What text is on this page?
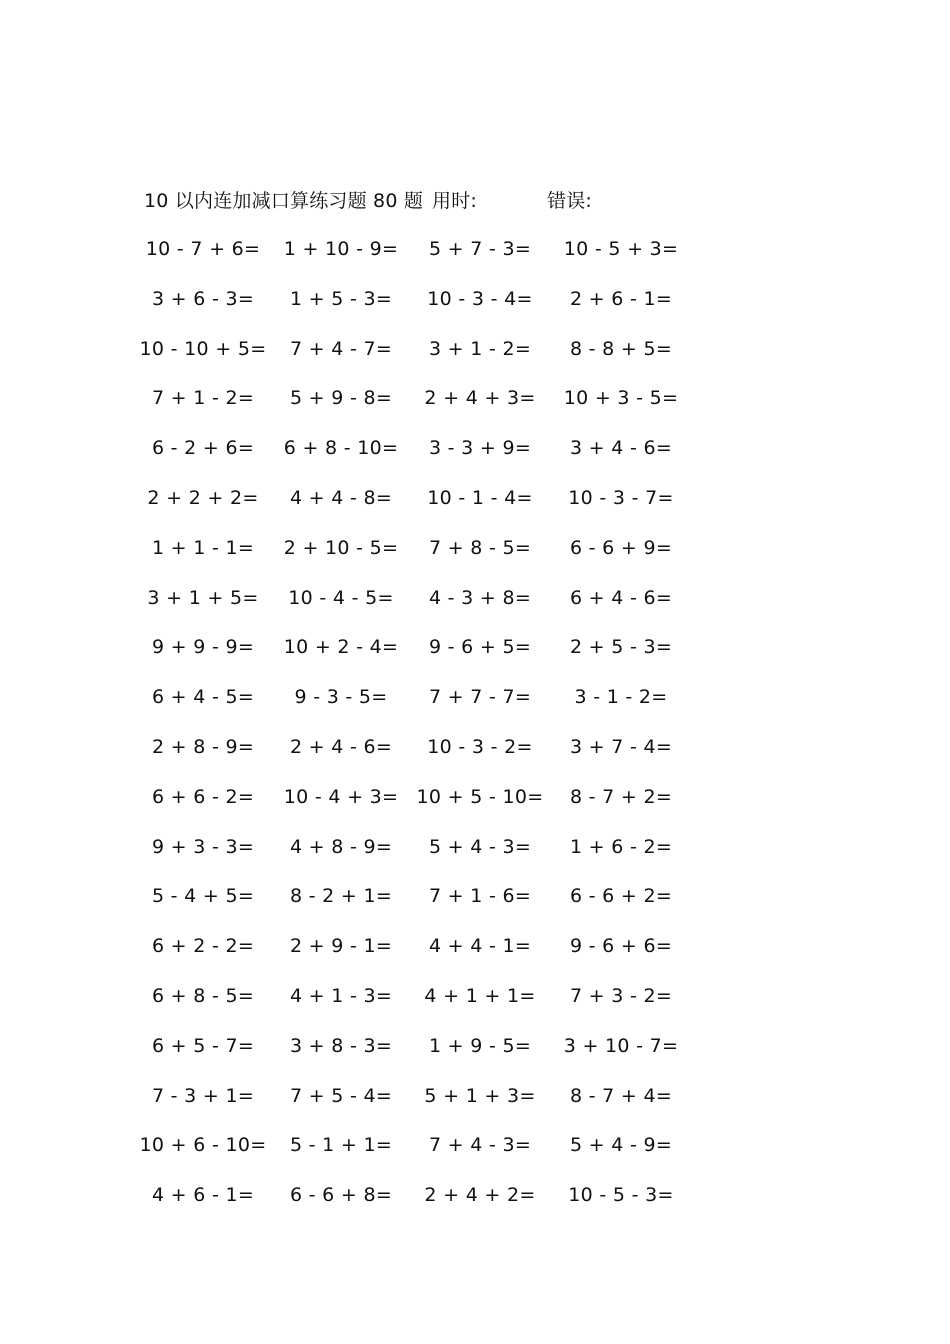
10 以内连加减口算练习题 80 题 用时:	错误:
10 - 7 + 6=	1 + 10 - 9=	5 + 7 - 3=	10 - 5 + 3=
3 + 6 - 3=	1 + 5 - 3=	10 - 3 - 4=	2 + 6 - 1=
10 - 10 + 5=	7 + 4 - 7=	3 + 1 - 2=	8 - 8 + 5=
7 + 1 - 2=	5 + 9 - 8=	2 + 4 + 3=	10 + 3 - 5=
6 - 2 + 6=	6 + 8 - 10=	3 - 3 + 9=	3 + 4 - 6=
2 + 2 + 2=	4 + 4 - 8=	10 - 1 - 4=	10 - 3 - 7=
1 + 1 - 1=	2 + 10 - 5=	7 + 8 - 5=	6 - 6 + 9=
3 + 1 + 5=	10 - 4 - 5=	4 - 3 + 8=	6 + 4 - 6=
9 + 9 - 9=	10 + 2 - 4=	9 - 6 + 5=	2 + 5 - 3=
6 + 4 - 5=	9 - 3 - 5=	7 + 7 - 7=	3 - 1 - 2=
2 + 8 - 9=	2 + 4 - 6=	10 - 3 - 2=	3 + 7 - 4=
6 + 6 - 2=	10 - 4 + 3= 10 + 5 - 10=	8 - 7 + 2=
9 + 3 - 3=	4 + 8 - 9=	5 + 4 - 3=	1 + 6 - 2=
5 - 4 + 5=	8 - 2 + 1=	7 + 1 - 6=	6 - 6 + 2=
6 + 2 - 2=	2 + 9 - 1=	4 + 4 - 1=	9 - 6 + 6=
6 + 8 - 5=	4 + 1 - 3=	4 + 1 + 1=	7 + 3 - 2=
6 + 5 - 7=	3 + 8 - 3=	1 + 9 - 5=	3 + 10 - 7=
7 - 3 + 1=	7 + 5 - 4=	5 + 1 + 3=	8 - 7 + 4=
10 + 6 - 10=	5 - 1 + 1=	7 + 4 - 3=	5 + 4 - 9=
4 + 6 - 1=	6 - 6 + 8=	2 + 4 + 2=	10 - 5 - 3=
